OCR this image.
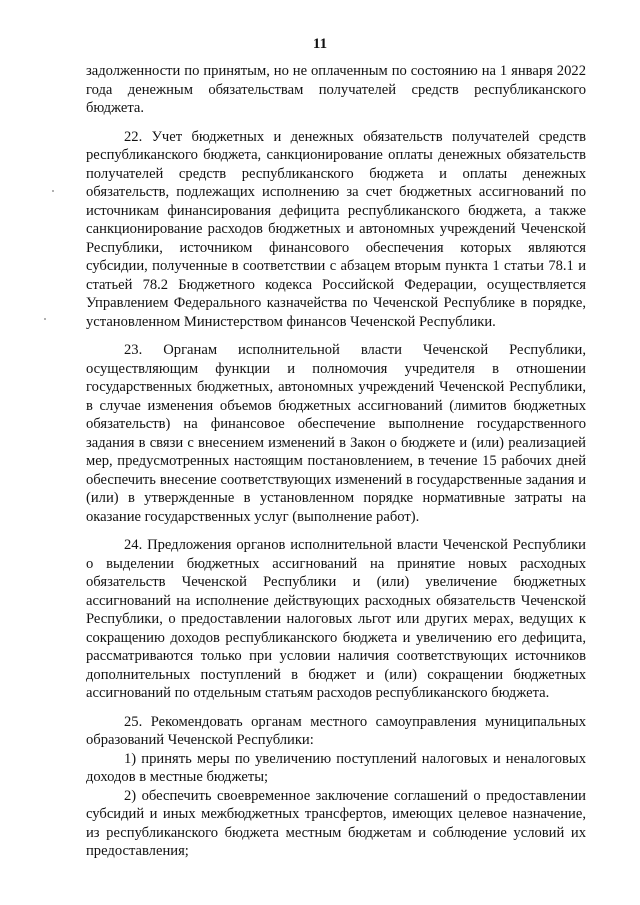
11

задолженности по принятым, но не оплаченным по состоянию на 1 января 2022 года денежным обязательствам получателей средств республиканского бюджета.

22. Учет бюджетных и денежных обязательств получателей средств республиканского бюджета, санкционирование оплаты денежных обязательств получателей средств республиканского бюджета и оплаты денежных обязательств, подлежащих исполнению за счет бюджетных ассигнований по источникам финансирования дефицита республиканского бюджета, а также санкционирование расходов бюджетных и автономных учреждений Чеченской Республики, источником финансового обеспечения которых являются субсидии, полученные в соответствии с абзацем вторым пункта 1 статьи 78.1 и статьей 78.2 Бюджетного кодекса Российской Федерации, осуществляется Управлением Федерального казначейства по Чеченской Республике в порядке, установленном Министерством финансов Чеченской Республики.

23. Органам исполнительной власти Чеченской Республики, осуществляющим функции и полномочия учредителя в отношении государственных бюджетных, автономных учреждений Чеченской Республики, в случае изменения объемов бюджетных ассигнований (лимитов бюджетных обязательств) на финансовое обеспечение выполнение государственного задания в связи с внесением изменений в Закон о бюджете и (или) реализацией мер, предусмотренных настоящим постановлением, в течение 15 рабочих дней обеспечить внесение соответствующих изменений в государственные задания и (или) в утвержденные в установленном порядке нормативные затраты на оказание государственных услуг (выполнение работ).

24. Предложения органов исполнительной власти Чеченской Республики о выделении бюджетных ассигнований на принятие новых расходных обязательств Чеченской Республики и (или) увеличение бюджетных ассигнований на исполнение действующих расходных обязательств Чеченской Республики, о предоставлении налоговых льгот или других мерах, ведущих к сокращению доходов республиканского бюджета и увеличению его дефицита, рассматриваются только при условии наличия соответствующих источников дополнительных поступлений в бюджет и (или) сокращении бюджетных ассигнований по отдельным статьям расходов республиканского бюджета.

25. Рекомендовать органам местного самоуправления муниципальных образований Чеченской Республики:

1) принять меры по увеличению поступлений налоговых и неналоговых доходов в местные бюджеты;

2) обеспечить своевременное заключение соглашений о предоставлении субсидий и иных межбюджетных трансфертов, имеющих целевое назначение, из республиканского бюджета местным бюджетам и соблюдение условий их предоставления;
